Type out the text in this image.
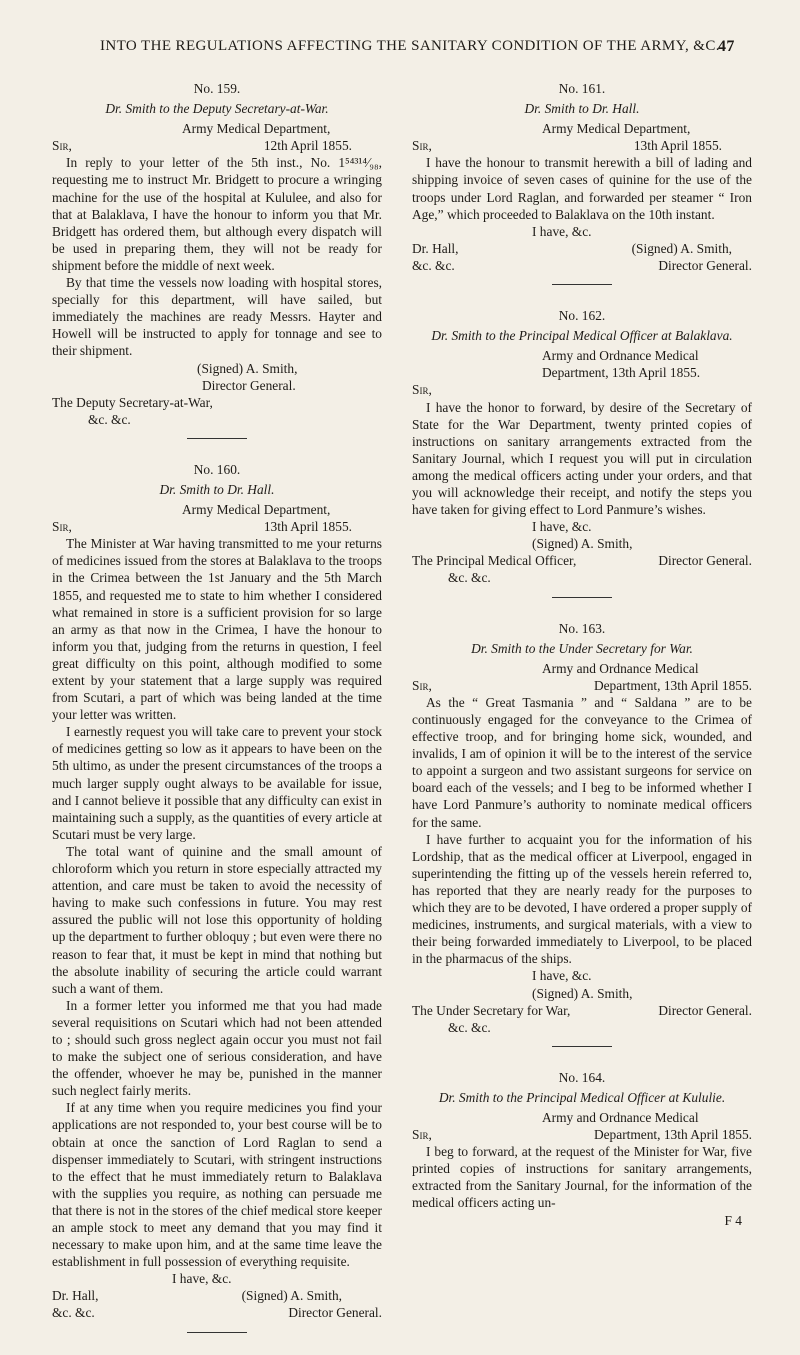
INTO THE REGULATIONS AFFECTING THE SANITARY CONDITION OF THE ARMY, &C.
47
No. 159.
Dr. Smith to the Deputy Secretary-at-War.
Army Medical Department,
Sir,	12th April 1855.

In reply to your letter of the 5th inst., No. 1⁵⁴³¹⁴⁄₉₈, requesting me to instruct Mr. Bridgett to procure a wringing machine for the use of the hospital at Kululee, and also for that at Balaklava, I have the honour to inform you that Mr. Bridgett has ordered them, but although every dispatch will be used in preparing them, they will not be ready for shipment before the middle of next week.

By that time the vessels now loading with hospital stores, specially for this department, will have sailed, but immediately the machines are ready Messrs. Hayter and Howell will be instructed to apply for tonnage and see to their shipment.

(Signed) A. Smith,
Director General.
The Deputy Secretary-at-War,
&c. &c.
No. 160.
Dr. Smith to Dr. Hall.
Army Medical Department,
Sir,	13th April 1855.

The Minister at War having transmitted to me your returns of medicines issued from the stores at Balaklava to the troops in the Crimea between the 1st January and the 5th March 1855, and requested me to state to him whether I considered what remained in store is a sufficient provision for so large an army as that now in the Crimea, I have the honour to inform you that, judging from the returns in question, I feel great difficulty on this point, although modified to some extent by your statement that a large supply was required from Scutari, a part of which was being landed at the time your letter was written.

I earnestly request you will take care to prevent your stock of medicines getting so low as it appears to have been on the 5th ultimo, as under the present circumstances of the troops a much larger supply ought always to be available for issue, and I cannot believe it possible that any difficulty can exist in maintaining such a supply, as the quantities of every article at Scutari must be very large.

The total want of quinine and the small amount of chloroform which you return in store especially attracted my attention, and care must be taken to avoid the necessity of having to make such confessions in future. You may rest assured the public will not lose this opportunity of holding up the department to further obloquy ; but even were there no reason to fear that, it must be kept in mind that nothing but the absolute inability of securing the article could warrant such a want of them.

In a former letter you informed me that you had made several requisitions on Scutari which had not been attended to ; should such gross neglect again occur you must not fail to make the subject one of serious consideration, and have the offender, whoever he may be, punished in the manner such neglect fairly merits.

If at any time when you require medicines you find your applications are not responded to, your best course will be to obtain at once the sanction of Lord Raglan to send a dispenser immediately to Scutari, with stringent instructions to the effect that he must immediately return to Balaklava with the supplies you require, as nothing can persuade me that there is not in the stores of the chief medical store keeper an ample stock to meet any demand that you may find it necessary to make upon him, and at the same time leave the establishment in full possession of everything requisite.

I have, &c.
Dr. Hall,	(Signed) A. Smith,
&c. &c.	Director General.
No. 161.
Dr. Smith to Dr. Hall.
Army Medical Department,
Sir,	13th April 1855.

I have the honour to transmit herewith a bill of lading and shipping invoice of seven cases of quinine for the use of the troops under Lord Raglan, and forwarded per steamer “ Iron Age,” which proceeded to Balaklava on the 10th instant.

I have, &c.
Dr. Hall,	(Signed) A. Smith,
&c. &c.	Director General.
No. 162.
Dr. Smith to the Principal Medical Officer at Balaklava.
Army and Ordnance Medical Department, 13th April 1855.
Sir,

I have the honor to forward, by desire of the Secretary of State for the War Department, twenty printed copies of instructions on sanitary arrangements extracted from the Sanitary Journal, which I request you will put in circulation among the medical officers acting under your orders, and that you will acknowledge their receipt, and notify the steps you have taken for giving effect to Lord Panmure’s wishes.

I have, &c.
(Signed) A. Smith,
The Principal Medical Officer,	Director General.
&c. &c.
No. 163.
Dr. Smith to the Under Secretary for War.
Army and Ordnance Medical
Sir,	Department, 13th April 1855.

As the “ Great Tasmania ” and “ Saldana ” are to be continuously engaged for the conveyance to the Crimea of effective troop, and for bringing home sick, wounded, and invalids, I am of opinion it will be to the interest of the service to appoint a surgeon and two assistant surgeons for service on board each of the vessels; and I beg to be informed whether I have Lord Panmure’s authority to nominate medical officers for the same.

I have further to acquaint you for the information of his Lordship, that as the medical officer at Liverpool, engaged in superintending the fitting up of the vessels herein referred to, has reported that they are nearly ready for the purposes to which they are to be devoted, I have ordered a proper supply of medicines, instruments, and surgical materials, with a view to their being forwarded immediately to Liverpool, to be placed in the pharmacus of the ships.

I have, &c.
(Signed) A. Smith,
The Under Secretary for War,	Director General.
&c. &c.
No. 164.
Dr. Smith to the Principal Medical Officer at Kululie.
Army and Ordnance Medical
Sir,	Department, 13th April 1855.

I beg to forward, at the request of the Minister for War, five printed copies of instructions for sanitary arrangements, extracted from the Sanitary Journal, for the information of the medical officers acting un-

F 4
